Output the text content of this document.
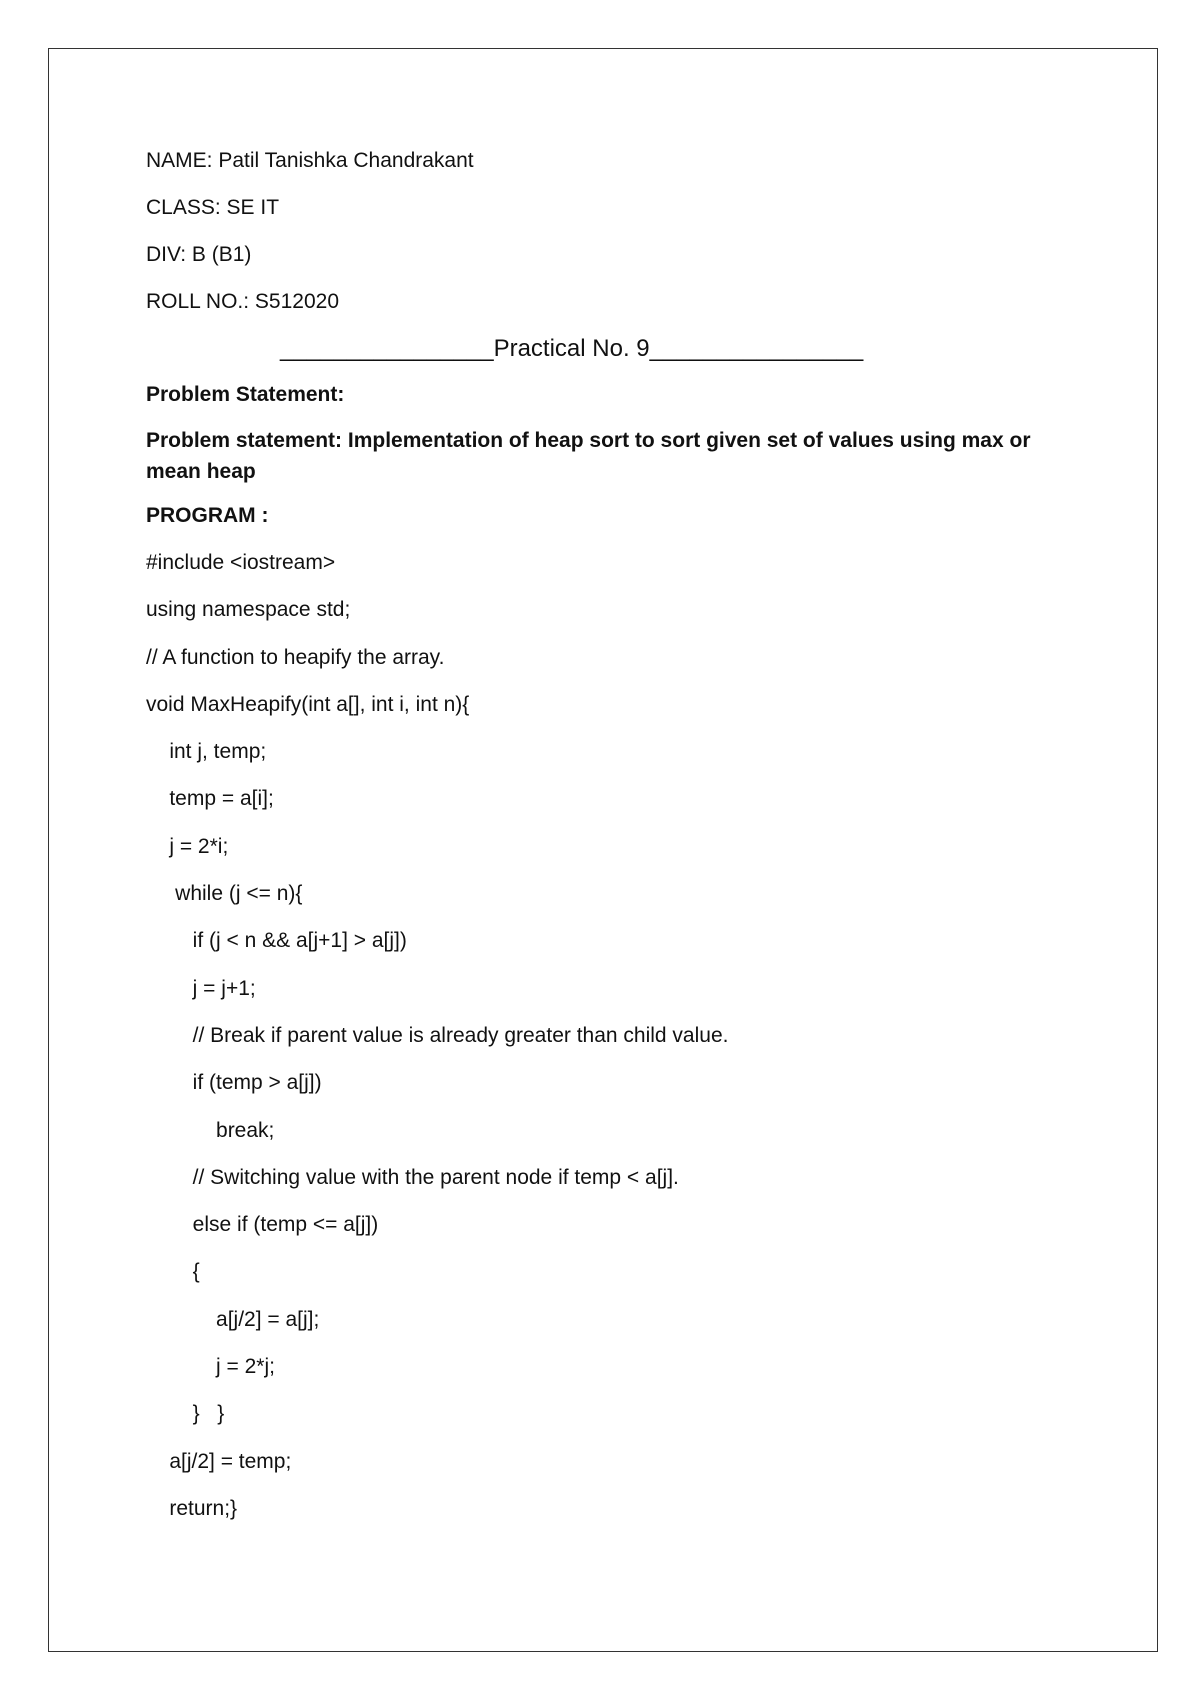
NAME: Patil Tanishka Chandrakant
CLASS: SE IT
DIV: B (B1)
ROLL NO.: S512020
________________Practical No. 9________________
Problem Statement:
Problem statement: Implementation of heap sort to sort given set of values using max or mean heap
PROGRAM :
#include <iostream>
using namespace std;
// A function to heapify the array.
void MaxHeapify(int a[], int i, int n){
int j, temp;
temp = a[i];
j = 2*i;
while (j <= n){
if (j < n && a[j+1] > a[j])
j = j+1;
// Break if parent value is already greater than child value.
if (temp > a[j])
break;
// Switching value with the parent node if temp < a[j].
else if (temp <= a[j])
{
a[j/2] = a[j];
j = 2*j;
}   }
a[j/2] = temp;
return;}
